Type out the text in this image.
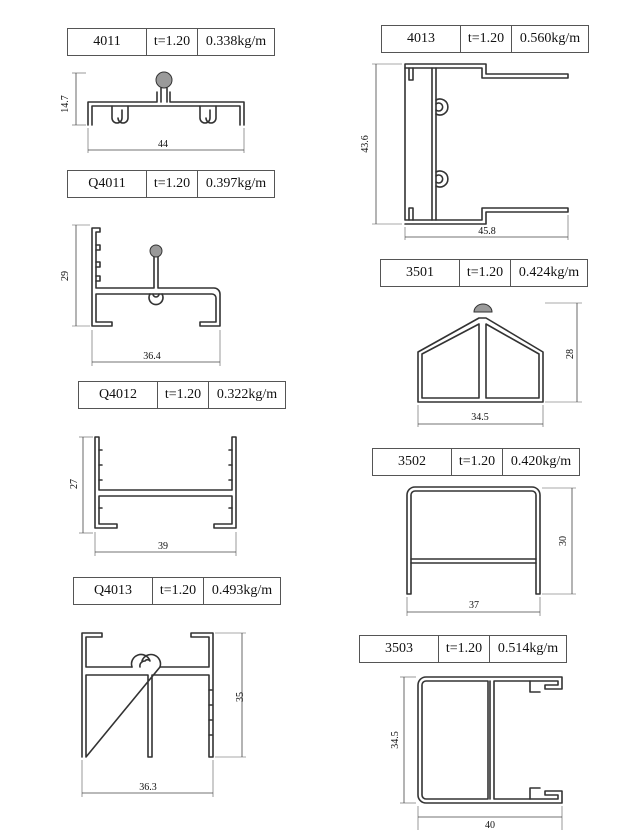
4011	t=1.20	0.338kg/m	4013	t=1.20	0.560kg/m
Q4011	t=1.20	0.397kg/m
3501	t=1.20	0.424kg/m
Q4012	t=1.20	0.322kg/m
3502	t=1.20	0.420kg/m
Q4013	t=1.20	0.493kg/m
3503	t=1.20	0.514kg/m
14.7
44	43.6
45.8
29
36.4	28
34.5
27
39	30
37
35
36.3
34.5
40
